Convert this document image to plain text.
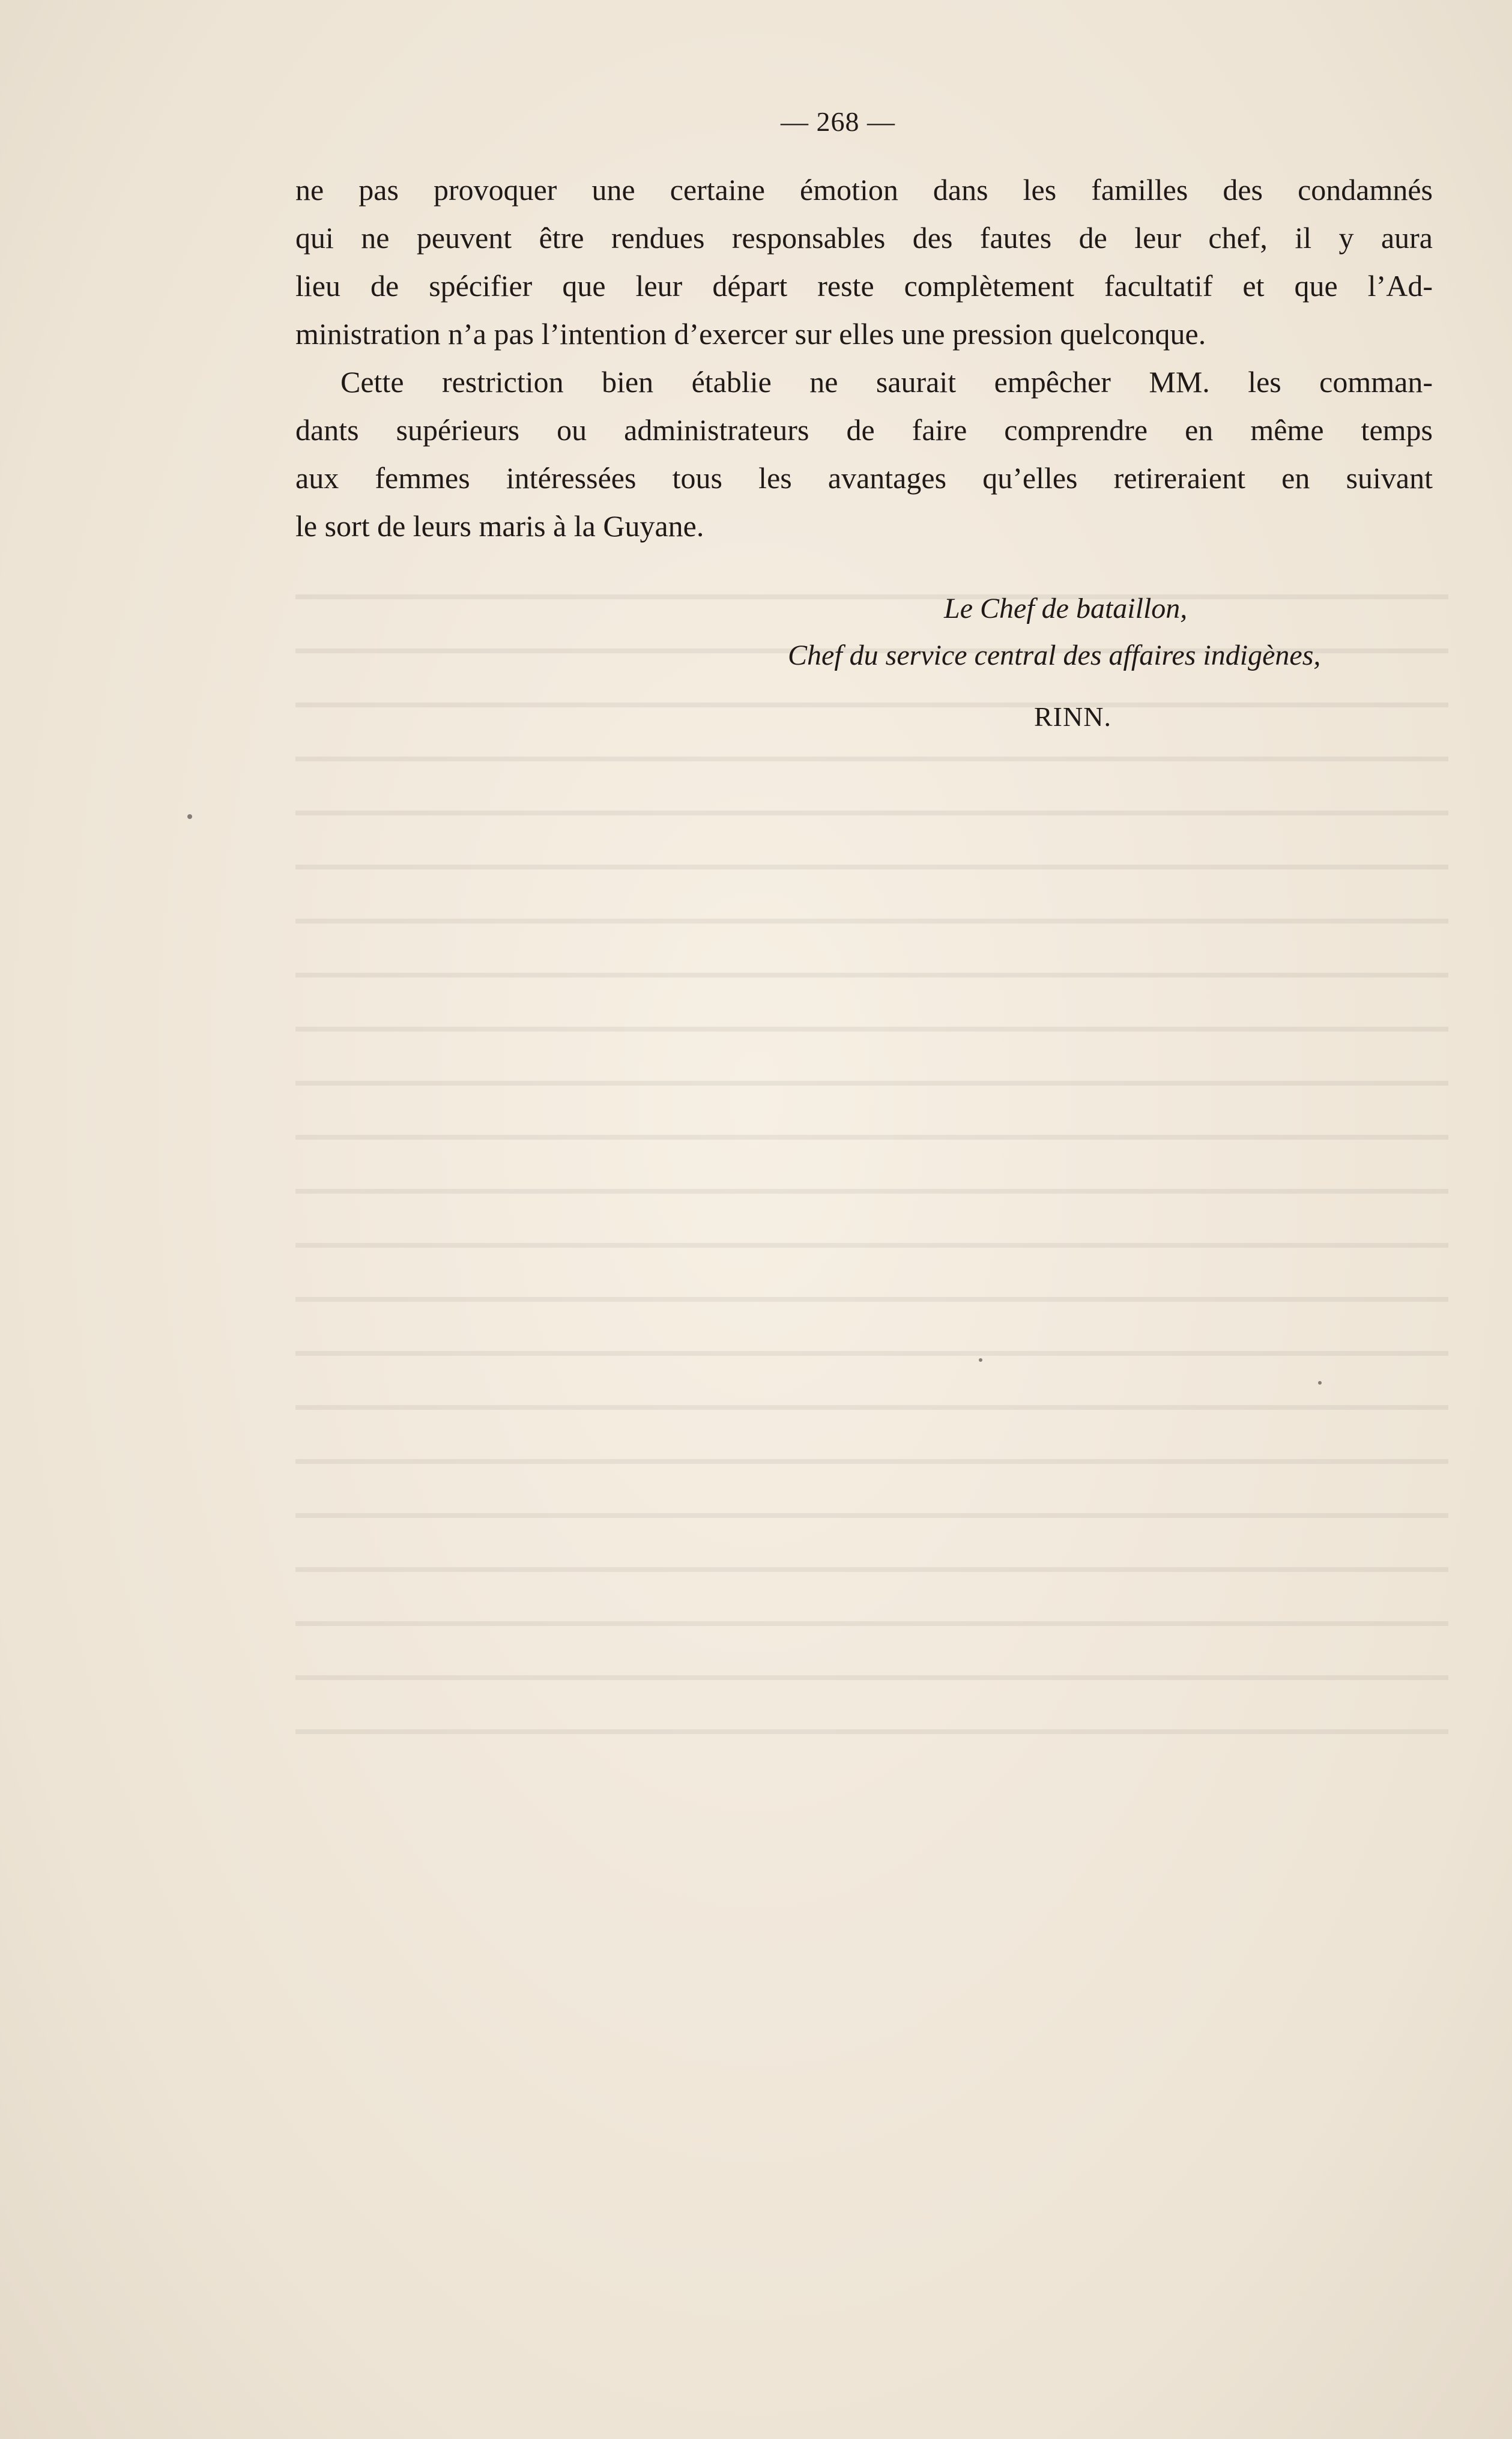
— 268 —
ne pas provoquer une certaine émotion dans les familles des condamnés
qui ne peuvent être rendues responsables des fautes de leur chef, il y aura
lieu de spécifier que leur départ reste complètement facultatif et que l’Ad-
ministration n’a pas l’intention d’exercer sur elles une pression quelconque.
Cette restriction bien établie ne saurait empêcher MM. les comman-
dants supérieurs ou administrateurs de faire comprendre en même temps
aux femmes intéressées tous les avantages qu’elles retireraient en suivant
le sort de leurs maris à la Guyane.
Le Chef de bataillon,
Chef du service central des affaires indigènes,
RINN.
